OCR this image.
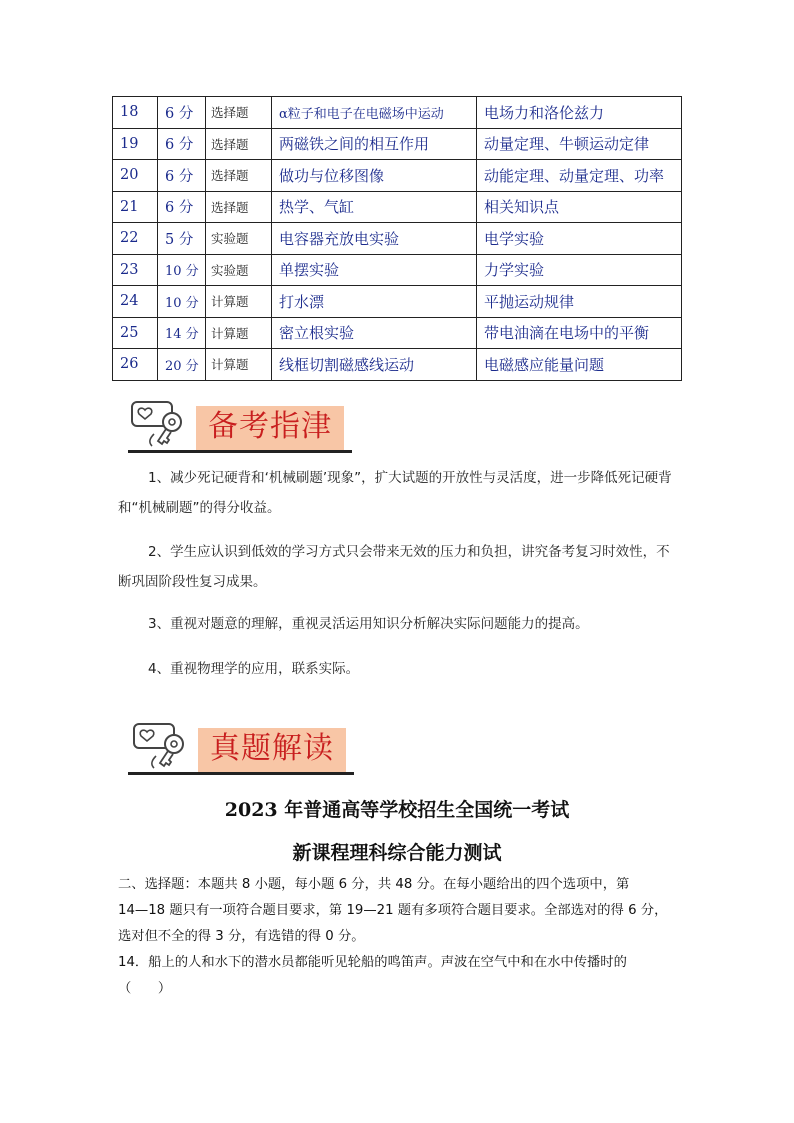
18	6 分	选择题	α粒子和电子在电磁场中运动	电场力和洛伦兹力
19	6 分	选择题	两磁铁之间的相互作用	动量定理、牛顿运动定律
20	6 分	选择题	做功与位移图像	动能定理、动量定理、功率
21	6 分	选择题	热学、气缸	相关知识点
22	5 分	实验题	电容器充放电实验	电学实验
23	10 分	实验题	单摆实验	力学实验
24	10 分	计算题	打水漂	平抛运动规律
25	14 分	计算题	密立根实验	带电油滴在电场中的平衡
26	20 分	计算题	线框切割磁感线运动	电磁感应能量问题
备考指津
1、减少死记硬背和‘机械刷题’现象”，扩大试题的开放性与灵活度，进一步降低死记硬背和“机械刷题”的得分收益。
2、学生应认识到低效的学习方式只会带来无效的压力和负担，讲究备考复习时效性，不断巩固阶段性复习成果。
3、重视对题意的理解，重视灵活运用知识分析解决实际问题能力的提高。
4、重视物理学的应用，联系实际。
真题解读
2023 年普通高等学校招生全国统一考试
新课程理科综合能力测试
二、选择题：本题共 8 小题，每小题 6 分，共 48 分。在每小题给出的四个选项中，第
14—18 题只有一项符合题目要求，第 19—21 题有多项符合题目要求。全部选对的得 6 分，
选对但不全的得 3 分，有选错的得 0 分。
14．船上的人和水下的潜水员都能听见轮船的鸣笛声。声波在空气中和在水中传播时的
（　　）
